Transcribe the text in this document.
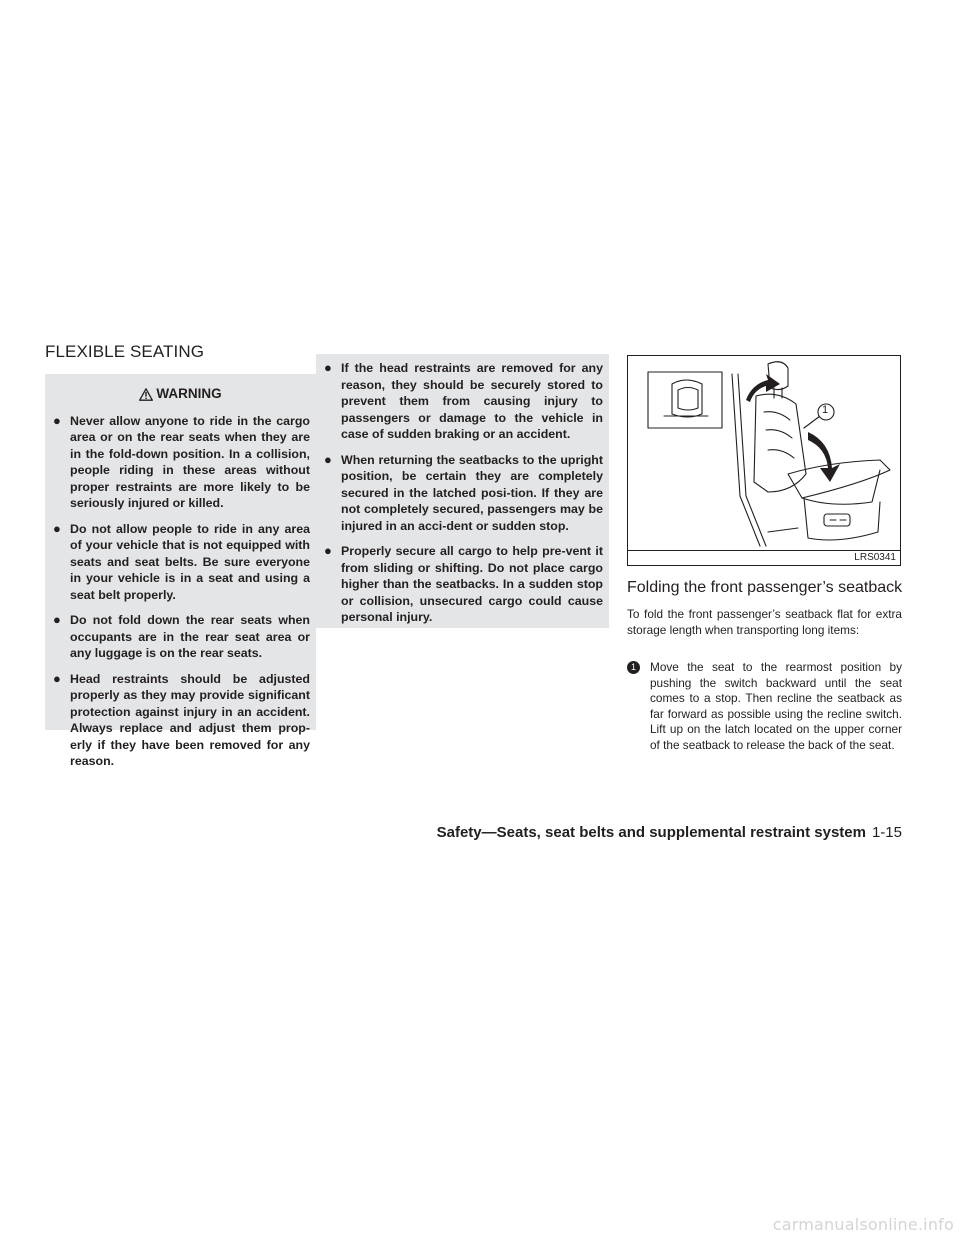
FLEXIBLE SEATING
WARNING
● Never allow anyone to ride in the cargo area or on the rear seats when they are in the fold-down position. In a collision, people riding in these areas without proper restraints are more likely to be seriously injured or killed.
● Do not allow people to ride in any area of your vehicle that is not equipped with seats and seat belts. Be sure everyone in your vehicle is in a seat and using a seat belt properly.
● Do not fold down the rear seats when occupants are in the rear seat area or any luggage is on the rear seats.
● Head restraints should be adjusted properly as they may provide significant protection against injury in an accident. Always replace and adjust them prop-erly if they have been removed for any reason.
● If the head restraints are removed for any reason, they should be securely stored to prevent them from causing injury to passengers or damage to the vehicle in case of sudden braking or an accident.
● When returning the seatbacks to the upright position, be certain they are completely secured in the latched posi-tion. If they are not completely secured, passengers may be injured in an acci-dent or sudden stop.
● Properly secure all cargo to help pre-vent it from sliding or shifting. Do not place cargo higher than the seatbacks. In a sudden stop or collision, unsecured cargo could cause personal injury.
1
LRS0341
Folding the front passenger’s seatback

To fold the front passenger’s seatback flat for extra storage length when transporting long items:

1	Move the seat to the rearmost position by pushing the switch backward until the seat comes to a stop. Then recline the seatback as far forward as possible using the recline switch. Lift up on the latch located on the upper corner of the seatback to release the back of the seat.

Safety—Seats, seat belts and supplemental restraint system 1-15
carmanualsonline.info
